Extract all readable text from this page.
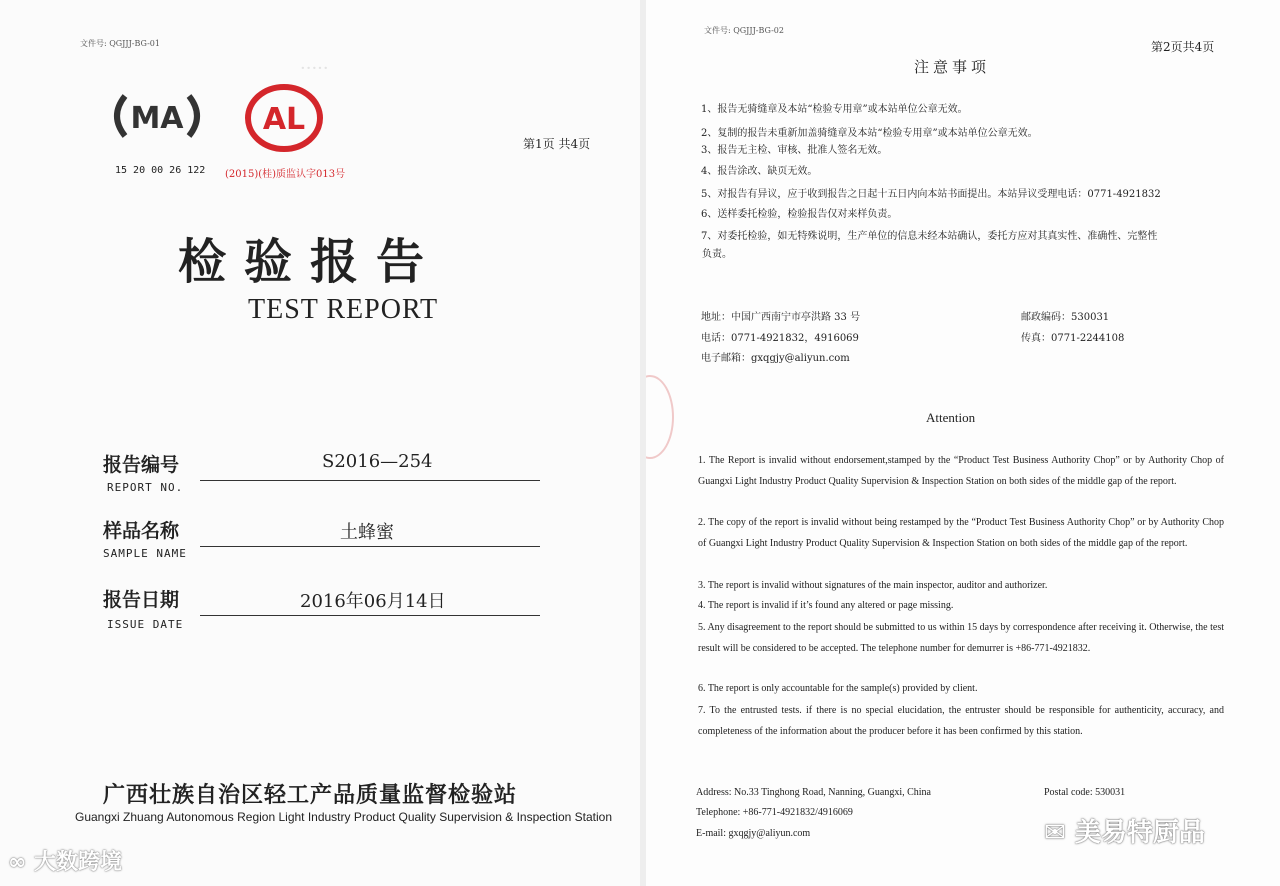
·····
文件号: QGJJJ-BG-01
MA	AL
15 20 00 26 122 (2015)(桂)质监认字013号
第1页 共4页
检验报告
TEST REPORT
报告编号
REPORT NO.
S2016—254
样品名称
SAMPLE NAME
土蜂蜜
报告日期
ISSUE DATE
2016年06月14日
广西壮族自治区轻工产品质量监督检验站
Guangxi Zhuang Autonomous Region Light Industry Product Quality Supervision & Inspection Station
∞ 大数跨境
文件号: QGJJJ-BG-02
第2页共4页
注意事项
1、报告无骑缝章及本站“检验专用章”或本站单位公章无效。
2、复制的报告未重新加盖骑缝章及本站“检验专用章”或本站单位公章无效。
3、报告无主检、审核、批准人签名无效。
4、报告涂改、缺页无效。
5、对报告有异议，应于收到报告之日起十五日内向本站书面提出。本站异议受理电话：0771-4921832
6、送样委托检验，检验报告仅对来样负责。
7、对委托检验，如无特殊说明，生产单位的信息未经本站确认，委托方应对其真实性、准确性、完整性
负责。
地址：中国广西南宁市亭洪路 33 号	邮政编码：530031
电话：0771-4921832，4916069	传真：0771-2244108
电子邮箱：gxqgjy@aliyun.com
Attention
1. The Report is invalid without endorsement,stamped by the “Product Test Business Authority Chop” or by Authority Chop of Guangxi Light Industry Product Quality Supervision & Inspection Station on both sides of the middle gap of the report.
2. The copy of the report is invalid without being restamped by the “Product Test Business Authority Chop” or by Authority Chop of Guangxi Light Industry Product Quality Supervision & Inspection Station on both sides of the middle gap of the report.
3. The report is invalid without signatures of the main inspector, auditor and authorizer.
4. The report is invalid if it’s found any altered or page missing.
5. Any disagreement to the report should be submitted to us within 15 days by correspondence after receiving it. Otherwise, the test result will be considered to be accepted. The telephone number for demurrer is +86-771-4921832.
6. The report is only accountable for the sample(s) provided by client.
7. To the entrusted tests. if there is no special elucidation, the entruster should be responsible for authenticity, accuracy, and completeness of the information about the producer before it has been confirmed by this station.
Address: No.33 Tinghong Road, Nanning, Guangxi, China	Postal code: 530031
Telephone: +86-771-4921832/4916069
E-mail: gxqgjy@aliyun.com	✉ 美易特厨品
